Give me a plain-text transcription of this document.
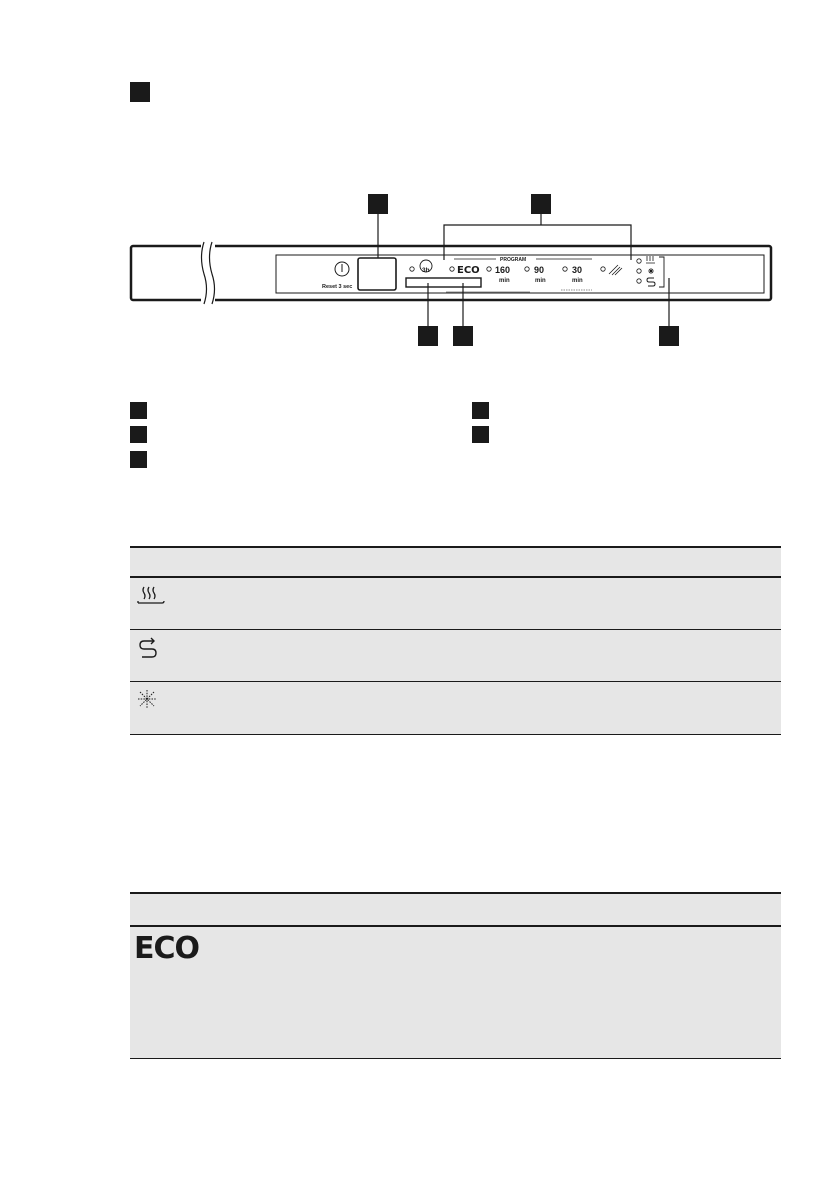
Reset 3 sec
PROGRAM
3h	ECO 160
min
90
min
30
min
ECO
